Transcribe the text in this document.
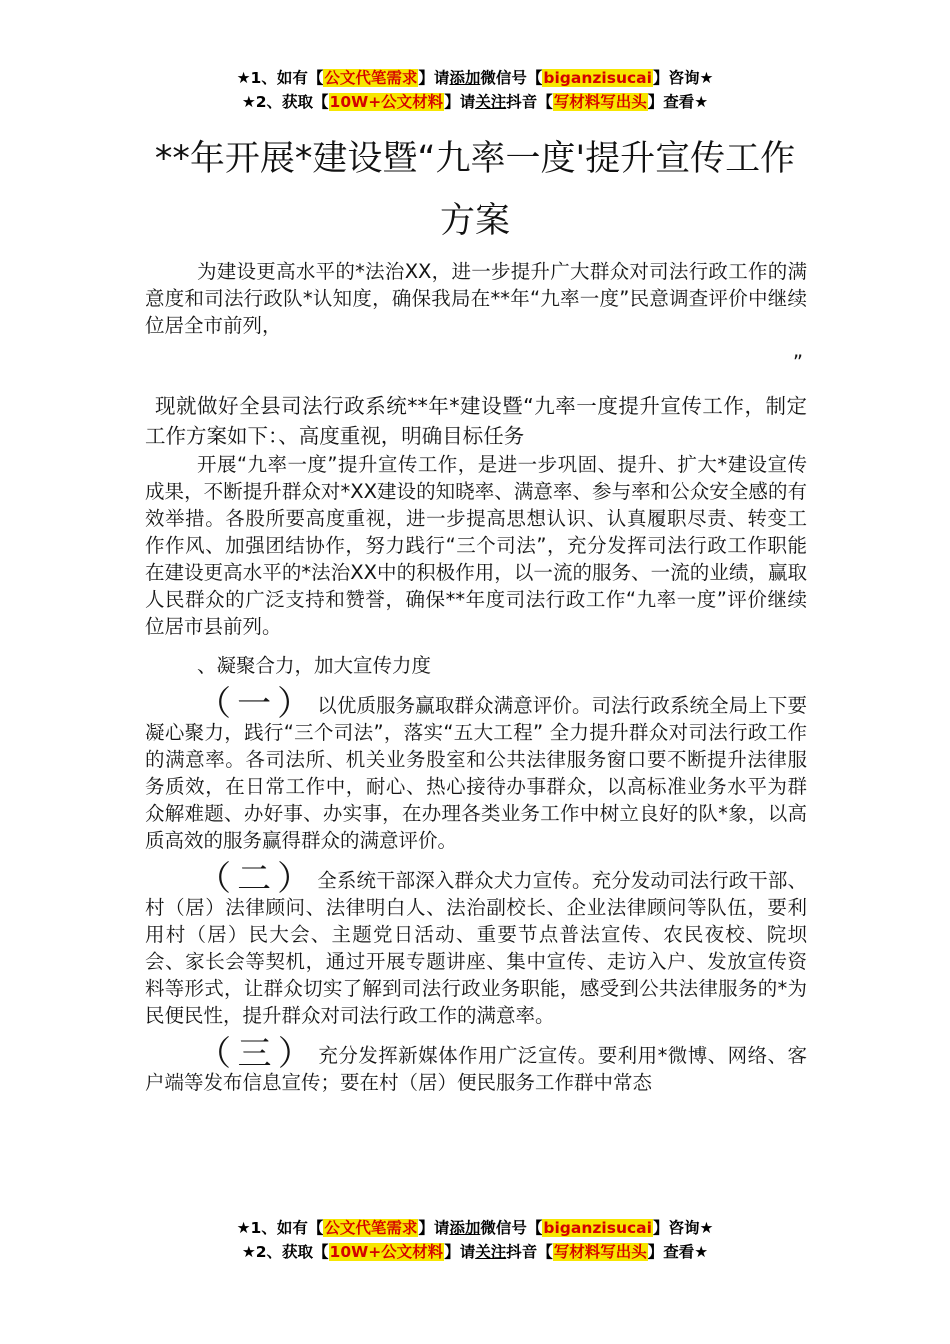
★1、如有【公文代笔需求】请添加微信号【biganzisucai】咨询★
★2、获取【10W+公文材料】请关注抖音【写材料写出头】查看★
**年开展*建设暨“九率一度'提升宣传工作
方案

为建设更高水平的*法治XX，进一步提升广大群众对司法行政工作的满意度和司法行政队*认知度，确保我局在**年“九率一度”民意调查评价中继续位居全市前列，

”

现就做好全县司法行政系统**年*建设暨“九率一度提升宣传工作，制定工作方案如下：、高度重视，明确目标任务

开展“九率一度”提升宣传工作，是进一步巩固、提升、扩大*建设宣传成果，不断提升群众对*XX建设的知晓率、满意率、参与率和公众安全感的有效举措。各股所要高度重视，进一步提高思想认识、认真履职尽责、转变工作作风、加强团结协作，努力践行“三个司法”，充分发挥司法行政工作职能在建设更高水平的*法治XX中的积极作用，以一流的服务、一流的业绩，赢取人民群众的广泛支持和赞誉，确保**年度司法行政工作“九率一度”评价继续位居市县前列。

、凝聚合力，加大宣传力度

（一）以优质服务赢取群众满意评价。司法行政系统全局上下要凝心聚力，践行“三个司法”，落实“五大工程” 全力提升群众对司法行政工作的满意率。各司法所、机关业务股室和公共法律服务窗口要不断提升法律服务质效，在日常工作中，耐心、热心接待办事群众，以高标准业务水平为群众解难题、办好事、办实事，在办理各类业务工作中树立良好的队*象，以高质高效的服务赢得群众的满意评价。

（二）全系统干部深入群众犬力宣传。充分发动司法行政干部、村（居）法律顾问、法律明白人、法治副校长、企业法律顾问等队伍，要利用村（居）民大会、主题党日活动、重要节点普法宣传、农民夜校、院坝会、家长会等契机，通过开展专题讲座、集中宣传、走访入户、发放宣传资料等形式，让群众切实了解到司法行政业务职能，感受到公共法律服务的*为民便民性，提升群众对司法行政工作的满意率。

（三）充分发挥新媒体作用广泛宣传。要利用*微博、网络、客户端等发布信息宣传；要在村（居）便民服务工作群中常态

★1、如有【公文代笔需求】请添加微信号【biganzisucai】咨询★
★2、获取【10W+公文材料】请关注抖音【写材料写出头】查看★
